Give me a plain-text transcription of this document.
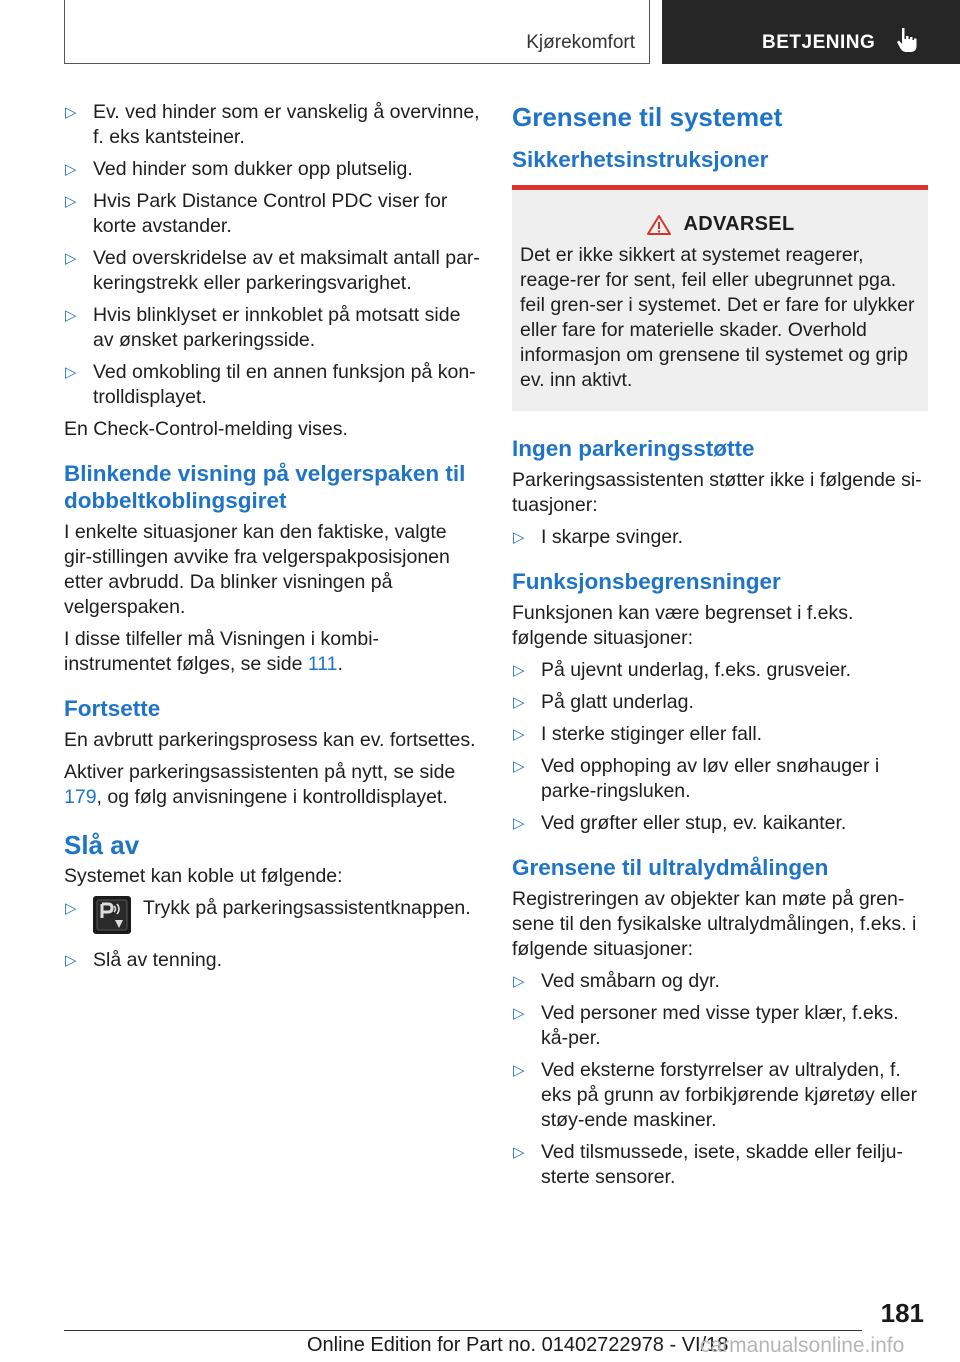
Kjørekomfort	BETJENING
▷ Ev. ved hinder som er vanskelig å overvinne, f. eks kantsteiner.
▷ Ved hinder som dukker opp plutselig.
▷ Hvis Park Distance Control PDC viser for korte avstander.
▷ Ved overskridelse av et maksimalt antall par-keringstrekk eller parkeringsvarighet.
▷ Hvis blinklyset er innkoblet på motsatt side av ønsket parkeringsside.
▷ Ved omkobling til en annen funksjon på kon-trolldisplayet.

En Check-Control-melding vises.

Blinkende visning på velgerspaken til dobbeltkoblingsgiret

I enkelte situasjoner kan den faktiske, valgte gir-stillingen avvike fra velgerspakposisjonen etter avbrudd. Da blinker visningen på velgerspaken.

I disse tilfeller må Visningen i kombi-instrumentet følges, se side 111.

Fortsette

En avbrutt parkeringsprosess kan ev. fortsettes.

Aktiver parkeringsassistenten på nytt, se side 179, og følg anvisningene i kontrolldisplayet.

Slå av

Systemet kan koble ut følgende:

▷	Trykk på parkeringsassistentknappen.
▷ Slå av tenning.
Grensene til systemet
Sikkerhetsinstruksjoner
ADVARSEL
Det er ikke sikkert at systemet reagerer, reage-rer for sent, feil eller ubegrunnet pga. feil gren-ser i systemet. Det er fare for ulykker eller fare for materielle skader. Overhold informasjon om grensene til systemet og grip ev. inn aktivt.
Ingen parkeringsstøtte

Parkeringsassistenten støtter ikke i følgende si-tuasjoner:

▷ I skarpe svinger.
Funksjonsbegrensninger

Funksjonen kan være begrenset i f.eks. følgende situasjoner:

▷ På ujevnt underlag, f.eks. grusveier.
▷ På glatt underlag.
▷ I sterke stiginger eller fall.
▷ Ved opphoping av løv eller snøhauger i parke-ringsluken.
▷ Ved grøfter eller stup, ev. kaikanter.
Grensene til ultralydmålingen

Registreringen av objekter kan møte på gren-sene til den fysikalske ultralydmålingen, f.eks. i følgende situasjoner:

▷ Ved småbarn og dyr.
▷ Ved personer med visse typer klær, f.eks. kå-per.
▷ Ved eksterne forstyrrelser av ultralyden, f. eks på grunn av forbikjørende kjøretøy eller støy-ende maskiner.
▷ Ved tilsmussede, isete, skadde eller feilju-sterte sensorer.
181
Online Edition for Part no. 01402722978 - VI/18
carmanualsonline.info
